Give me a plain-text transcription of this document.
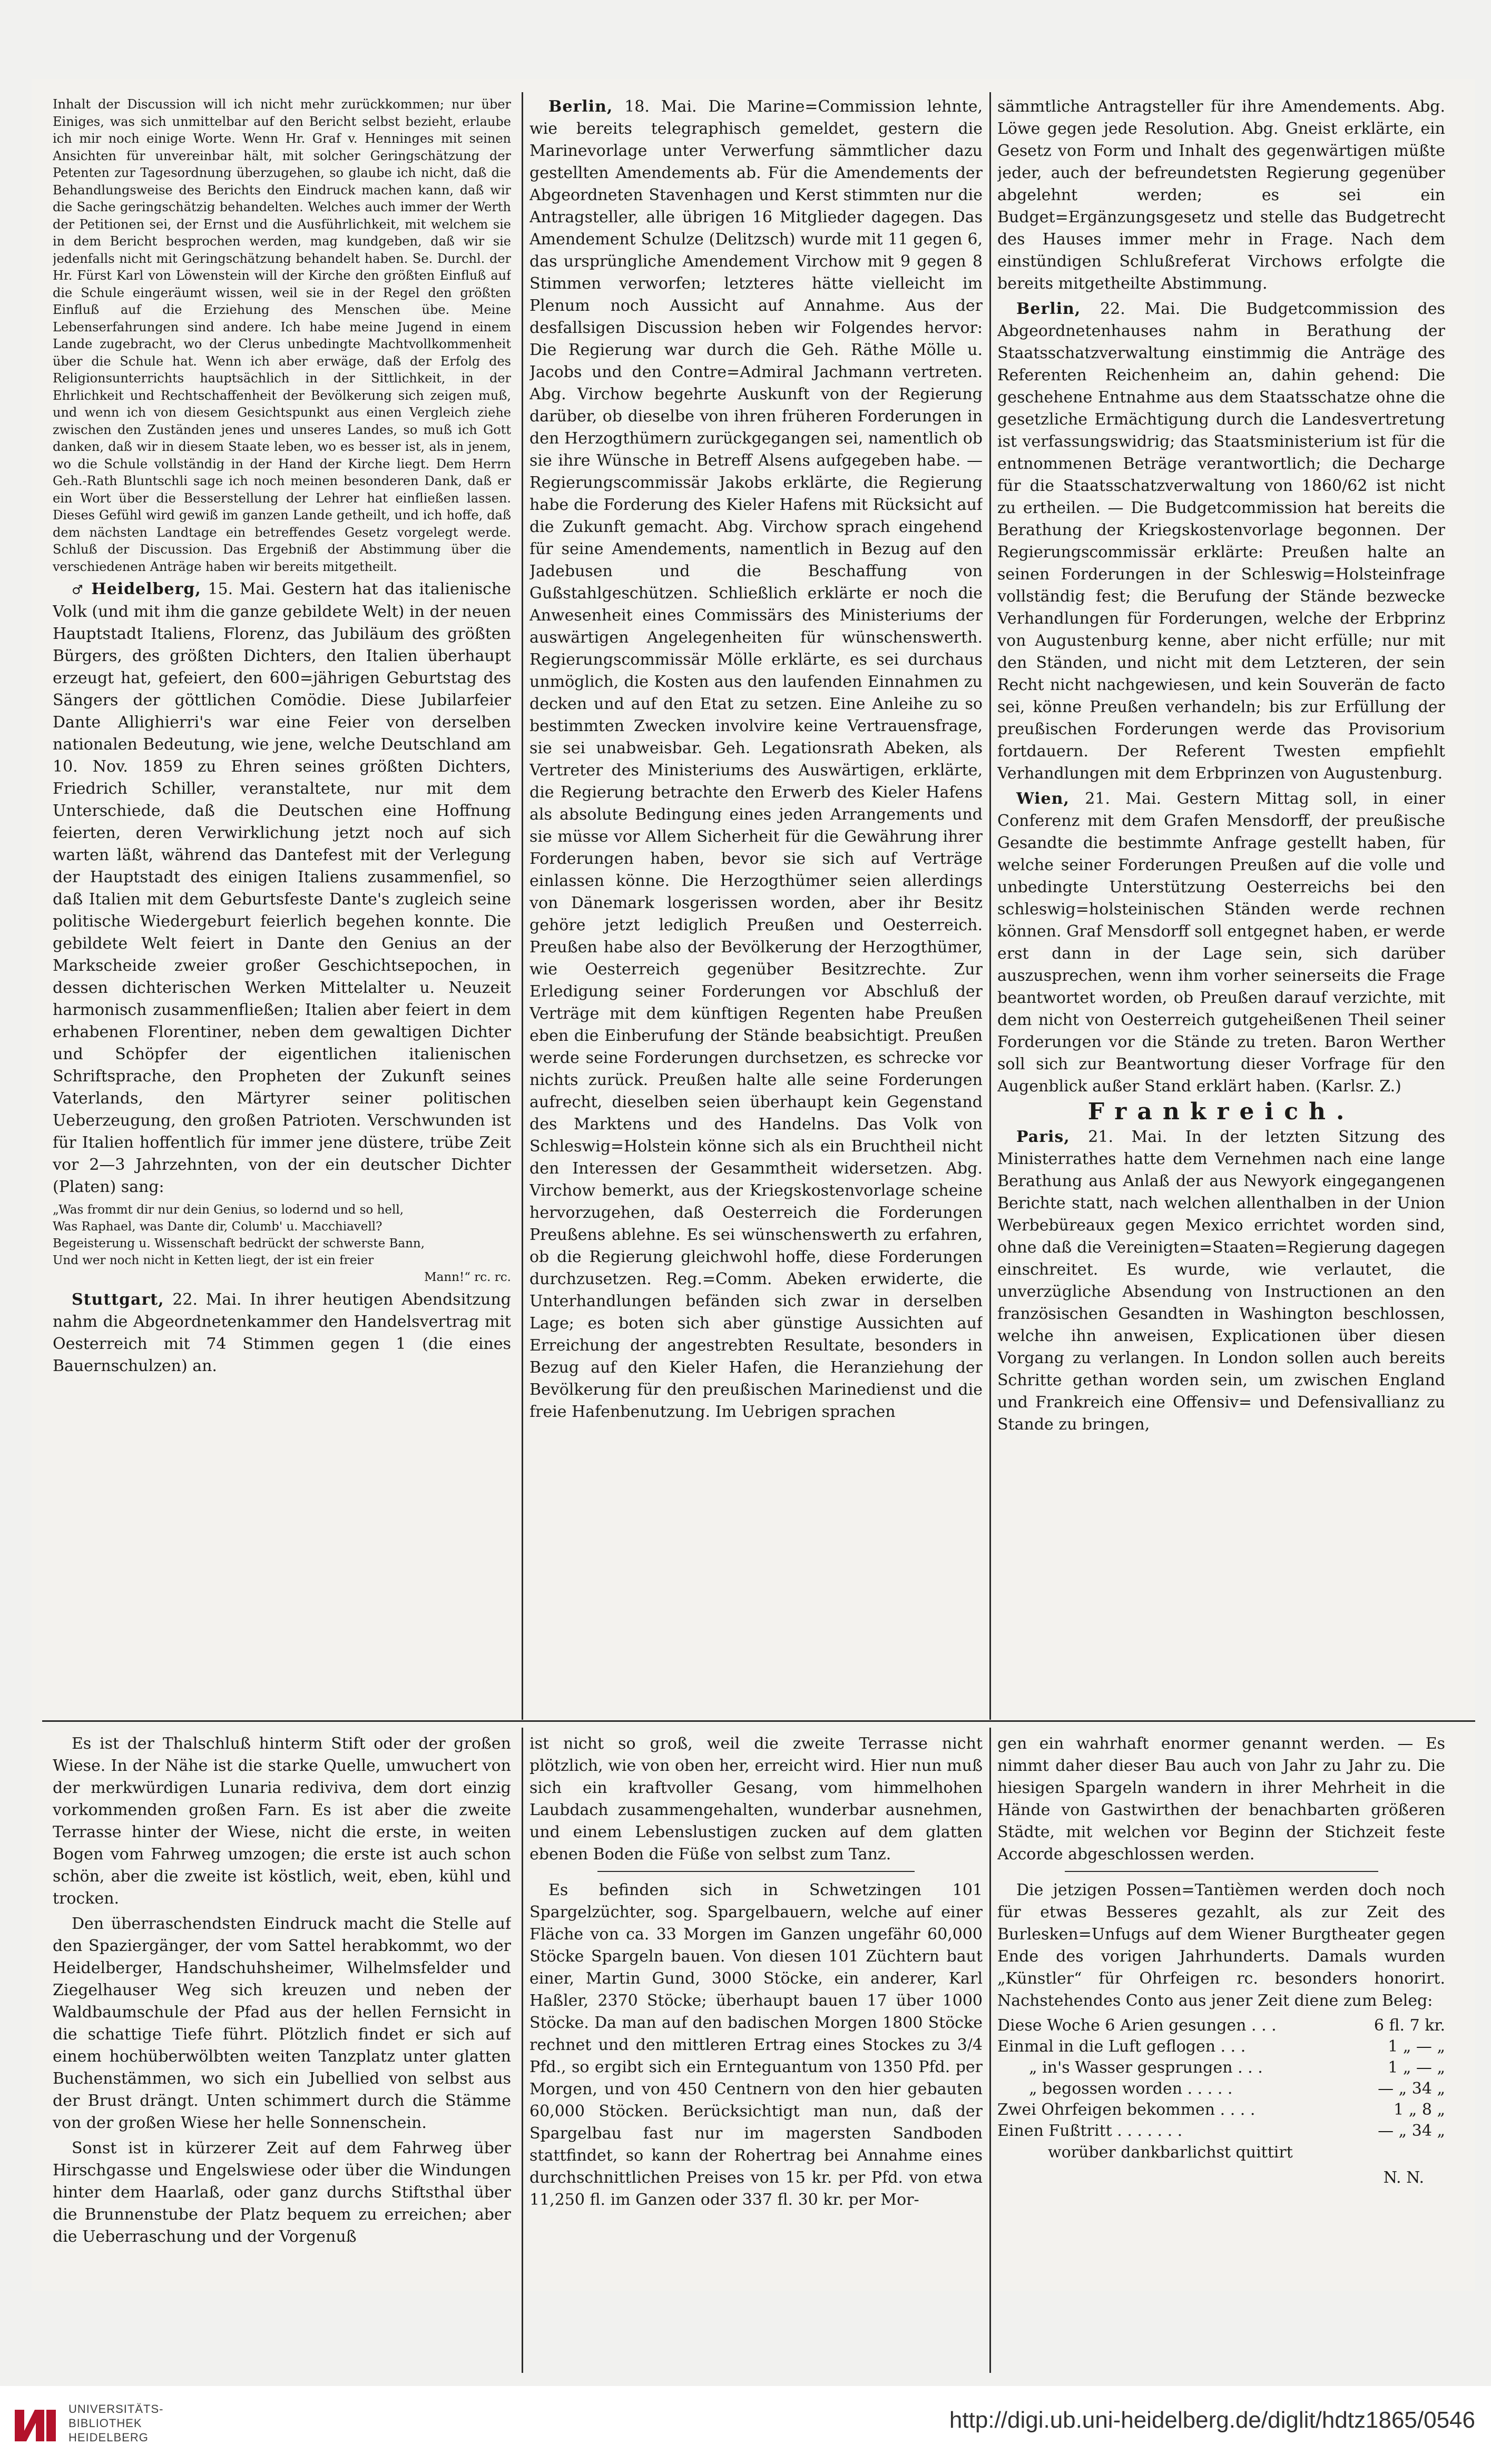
Inhalt der Discussion will ich nicht mehr zurückkommen; nur über Einiges, was sich unmittelbar auf den Bericht selbst bezieht, erlaube ich mir noch einige Worte. Wenn Hr. Graf v. Henninges mit seinen Ansichten für unvereinbar hält, mit solcher Geringschätzung der Petenten zur Tagesordnung überzugehen, so glaube ich nicht, daß die Behandlungsweise des Berichts den Eindruck machen kann, daß wir die Sache geringschätzig behandelten. Welches auch immer der Werth der Petitionen sei, der Ernst und die Ausführlichkeit, mit welchem sie in dem Bericht besprochen werden, mag kundgeben, daß wir sie jedenfalls nicht mit Geringschätzung behandelt haben. Se. Durchl. der Hr. Fürst Karl von Löwenstein will der Kirche den größten Einfluß auf die Schule eingeräumt wissen, weil sie in der Regel den größten Einfluß auf die Erziehung des Menschen übe. Meine Lebenserfahrungen sind andere. Ich habe meine Jugend in einem Lande zugebracht, wo der Clerus unbedingte Machtvollkommenheit über die Schule hat. Wenn ich aber erwäge, daß der Erfolg des Religionsunterrichts hauptsächlich in der Sittlichkeit, in der Ehrlichkeit und Rechtschaffenheit der Bevölkerung sich zeigen muß, und wenn ich von diesem Gesichtspunkt aus einen Vergleich ziehe zwischen den Zuständen jenes und unseres Landes, so muß ich Gott danken, daß wir in diesem Staate leben, wo es besser ist, als in jenem, wo die Schule vollständig in der Hand der Kirche liegt. Dem Herrn Geh.-Rath Bluntschli sage ich noch meinen besonderen Dank, daß er ein Wort über die Besserstellung der Lehrer hat einfließen lassen. Dieses Gefühl wird gewiß im ganzen Lande getheilt, und ich hoffe, daß dem nächsten Landtage ein betreffendes Gesetz vorgelegt werde. Schluß der Discussion. Das Ergebniß der Abstimmung über die verschiedenen Anträge haben wir bereits mitgetheilt.

♂ Heidelberg, 15. Mai. Gestern hat das italienische Volk (und mit ihm die ganze gebildete Welt) in der neuen Hauptstadt Italiens, Florenz, das Jubiläum des größten Bürgers, des größten Dichters, den Italien überhaupt erzeugt hat, gefeiert, den 600=jährigen Geburtstag des Sängers der göttlichen Comödie. Diese Jubilarfeier Dante Allighierri's war eine Feier von derselben nationalen Bedeutung, wie jene, welche Deutschland am 10. Nov. 1859 zu Ehren seines größten Dichters, Friedrich Schiller, veranstaltete, nur mit dem Unterschiede, daß die Deutschen eine Hoffnung feierten, deren Verwirklichung jetzt noch auf sich warten läßt, während das Dantefest mit der Verlegung der Hauptstadt des einigen Italiens zusammenfiel, so daß Italien mit dem Geburtsfeste Dante's zugleich seine politische Wiedergeburt feierlich begehen konnte. Die gebildete Welt feiert in Dante den Genius an der Markscheide zweier großer Geschichtsepochen, in dessen dichterischen Werken Mittelalter u. Neuzeit harmonisch zusammenfließen; Italien aber feiert in dem erhabenen Florentiner, neben dem gewaltigen Dichter und Schöpfer der eigentlichen italienischen Schriftsprache, den Propheten der Zukunft seines Vaterlands, den Märtyrer seiner politischen Ueberzeugung, den großen Patrioten. Verschwunden ist für Italien hoffentlich für immer jene düstere, trübe Zeit vor 2—3 Jahrzehnten, von der ein deutscher Dichter (Platen) sang:

„Was frommt dir nur dein Genius, so lodernd und so hell,

Was Raphael, was Dante dir, Columb' u. Macchiavell?

Begeisterung u. Wissenschaft bedrückt der schwerste Bann,

Und wer noch nicht in Ketten liegt, der ist ein freier

Mann!“ rc. rc.

Stuttgart, 22. Mai. In ihrer heutigen Abendsitzung nahm die Abgeordnetenkammer den Handelsvertrag mit Oesterreich mit 74 Stimmen gegen 1 (die eines Bauernschulzen) an.

Berlin, 18. Mai. Die Marine=Commission lehnte, wie bereits telegraphisch gemeldet, gestern die Marinevorlage unter Verwerfung sämmtlicher dazu gestellten Amendements ab. Für die Amendements der Abgeordneten Stavenhagen und Kerst stimmten nur die Antragsteller, alle übrigen 16 Mitglieder dagegen. Das Amendement Schulze (Delitzsch) wurde mit 11 gegen 6, das ursprüngliche Amendement Virchow mit 9 gegen 8 Stimmen verworfen; letzteres hätte vielleicht im Plenum noch Aussicht auf Annahme. Aus der desfallsigen Discussion heben wir Folgendes hervor: Die Regierung war durch die Geh. Räthe Mölle u. Jacobs und den Contre=Admiral Jachmann vertreten. Abg. Virchow begehrte Auskunft von der Regierung darüber, ob dieselbe von ihren früheren Forderungen in den Herzogthümern zurückgegangen sei, namentlich ob sie ihre Wünsche in Betreff Alsens aufgegeben habe. — Regierungscommissär Jakobs erklärte, die Regierung habe die Forderung des Kieler Hafens mit Rücksicht auf die Zukunft gemacht. Abg. Virchow sprach eingehend für seine Amendements, namentlich in Bezug auf den Jadebusen und die Beschaffung von Gußstahlgeschützen. Schließlich erklärte er noch die Anwesenheit eines Commissärs des Ministeriums der auswärtigen Angelegenheiten für wünschenswerth. Regierungscommissär Mölle erklärte, es sei durchaus unmöglich, die Kosten aus den laufenden Einnahmen zu decken und auf den Etat zu setzen. Eine Anleihe zu so bestimmten Zwecken involvire keine Vertrauensfrage, sie sei unabweisbar. Geh. Legationsrath Abeken, als Vertreter des Ministeriums des Auswärtigen, erklärte, die Regierung betrachte den Erwerb des Kieler Hafens als absolute Bedingung eines jeden Arrangements und sie müsse vor Allem Sicherheit für die Gewährung ihrer Forderungen haben, bevor sie sich auf Verträge einlassen könne. Die Herzogthümer seien allerdings von Dänemark losgerissen worden, aber ihr Besitz gehöre jetzt lediglich Preußen und Oesterreich. Preußen habe also der Bevölkerung der Herzogthümer, wie Oesterreich gegenüber Besitzrechte. Zur Erledigung seiner Forderungen vor Abschluß der Verträge mit dem künftigen Regenten habe Preußen eben die Einberufung der Stände beabsichtigt. Preußen werde seine Forderungen durchsetzen, es schrecke vor nichts zurück. Preußen halte alle seine Forderungen aufrecht, dieselben seien überhaupt kein Gegenstand des Marktens und des Handelns. Das Volk von Schleswig=Holstein könne sich als ein Bruchtheil nicht den Interessen der Gesammtheit widersetzen. Abg. Virchow bemerkt, aus der Kriegskostenvorlage scheine hervorzugehen, daß Oesterreich die Forderungen Preußens ablehne. Es sei wünschenswerth zu erfahren, ob die Regierung gleichwohl hoffe, diese Forderungen durchzusetzen. Reg.=Comm. Abeken erwiderte, die Unterhandlungen befänden sich zwar in derselben Lage; es boten sich aber günstige Aussichten auf Erreichung der angestrebten Resultate, besonders in Bezug auf den Kieler Hafen, die Heranziehung der Bevölkerung für den preußischen Marinedienst und die freie Hafenbenutzung. Im Uebrigen sprachen

sämmtliche Antragsteller für ihre Amendements. Abg. Löwe gegen jede Resolution. Abg. Gneist erklärte, ein Gesetz von Form und Inhalt des gegenwärtigen müßte jeder, auch der befreundetsten Regierung gegenüber abgelehnt werden; es sei ein Budget=Ergänzungsgesetz und stelle das Budgetrecht des Hauses immer mehr in Frage. Nach dem einstündigen Schlußreferat Virchows erfolgte die bereits mitgetheilte Abstimmung.

Berlin, 22. Mai. Die Budgetcommission des Abgeordnetenhauses nahm in Berathung der Staatsschatzverwaltung einstimmig die Anträge des Referenten Reichenheim an, dahin gehend: Die geschehene Entnahme aus dem Staatsschatze ohne die gesetzliche Ermächtigung durch die Landesvertretung ist verfassungswidrig; das Staatsministerium ist für die entnommenen Beträge verantwortlich; die Decharge für die Staatsschatzverwaltung von 1860/62 ist nicht zu ertheilen. — Die Budgetcommission hat bereits die Berathung der Kriegskostenvorlage begonnen. Der Regierungscommissär erklärte: Preußen halte an seinen Forderungen in der Schleswig=Holsteinfrage vollständig fest; die Berufung der Stände bezwecke Verhandlungen für Forderungen, welche der Erbprinz von Augustenburg kenne, aber nicht erfülle; nur mit den Ständen, und nicht mit dem Letzteren, der sein Recht nicht nachgewiesen, und kein Souverän de facto sei, könne Preußen verhandeln; bis zur Erfüllung der preußischen Forderungen werde das Provisorium fortdauern. Der Referent Twesten empfiehlt Verhandlungen mit dem Erbprinzen von Augustenburg.

Wien, 21. Mai. Gestern Mittag soll, in einer Conferenz mit dem Grafen Mensdorff, der preußische Gesandte die bestimmte Anfrage gestellt haben, für welche seiner Forderungen Preußen auf die volle und unbedingte Unterstützung Oesterreichs bei den schleswig=holsteinischen Ständen werde rechnen können. Graf Mensdorff soll entgegnet haben, er werde erst dann in der Lage sein, sich darüber auszusprechen, wenn ihm vorher seinerseits die Frage beantwortet worden, ob Preußen darauf verzichte, mit dem nicht von Oesterreich gutgeheißenen Theil seiner Forderungen vor die Stände zu treten. Baron Werther soll sich zur Beantwortung dieser Vorfrage für den Augenblick außer Stand erklärt haben. (Karlsr. Z.)

Frankreich.

Paris, 21. Mai. In der letzten Sitzung des Ministerrathes hatte dem Vernehmen nach eine lange Berathung aus Anlaß der aus Newyork eingegangenen Berichte statt, nach welchen allenthalben in der Union Werbebüreaux gegen Mexico errichtet worden sind, ohne daß die Vereinigten=Staaten=Regierung dagegen einschreitet. Es wurde, wie verlautet, die unverzügliche Absendung von Instructionen an den französischen Gesandten in Washington beschlossen, welche ihn anweisen, Explicationen über diesen Vorgang zu verlangen. In London sollen auch bereits Schritte gethan worden sein, um zwischen England und Frankreich eine Offensiv= und Defensivallianz zu Stande zu bringen,

Es ist der Thalschluß hinterm Stift oder der großen Wiese. In der Nähe ist die starke Quelle, umwuchert von der merkwürdigen Lunaria rediviva, dem dort einzig vorkommenden großen Farn. Es ist aber die zweite Terrasse hinter der Wiese, nicht die erste, in weiten Bogen vom Fahrweg umzogen; die erste ist auch schon schön, aber die zweite ist köstlich, weit, eben, kühl und trocken.

Den überraschendsten Eindruck macht die Stelle auf den Spaziergänger, der vom Sattel herabkommt, wo der Heidelberger, Handschuhsheimer, Wilhelmsfelder und Ziegelhauser Weg sich kreuzen und neben der Waldbaumschule der Pfad aus der hellen Fernsicht in die schattige Tiefe führt. Plötzlich findet er sich auf einem hochüberwölbten weiten Tanzplatz unter glatten Buchenstämmen, wo sich ein Jubellied von selbst aus der Brust drängt. Unten schimmert durch die Stämme von der großen Wiese her helle Sonnenschein.

Sonst ist in kürzerer Zeit auf dem Fahrweg über Hirschgasse und Engelswiese oder über die Windungen hinter dem Haarlaß, oder ganz durchs Stiftsthal über die Brunnenstube der Platz bequem zu erreichen; aber die Ueberraschung und der Vorgenuß

ist nicht so groß, weil die zweite Terrasse nicht plötzlich, wie von oben her, erreicht wird. Hier nun muß sich ein kraftvoller Gesang, vom himmelhohen Laubdach zusammengehalten, wunderbar ausnehmen, und einem Lebenslustigen zucken auf dem glatten ebenen Boden die Füße von selbst zum Tanz.

Es befinden sich in Schwetzingen 101 Spargelzüchter, sog. Spargelbauern, welche auf einer Fläche von ca. 33 Morgen im Ganzen ungefähr 60,000 Stöcke Spargeln bauen. Von diesen 101 Züchtern baut einer, Martin Gund, 3000 Stöcke, ein anderer, Karl Haßler, 2370 Stöcke; überhaupt bauen 17 über 1000 Stöcke. Da man auf den badischen Morgen 1800 Stöcke rechnet und den mittleren Ertrag eines Stockes zu 3/4 Pfd., so ergibt sich ein Ernteguantum von 1350 Pfd. per Morgen, und von 450 Centnern von den hier gebauten 60,000 Stöcken. Berücksichtigt man nun, daß der Spargelbau fast nur im magersten Sandboden stattfindet, so kann der Rohertrag bei Annahme eines durchschnittlichen Preises von 15 kr. per Pfd. von etwa 11,250 fl. im Ganzen oder 337 fl. 30 kr. per Mor-

gen ein wahrhaft enormer genannt werden. — Es nimmt daher dieser Bau auch von Jahr zu Jahr zu. Die hiesigen Spargeln wandern in ihrer Mehrheit in die Hände von Gastwirthen der benachbarten größeren Städte, mit welchen vor Beginn der Stichzeit feste Accorde abgeschlossen werden.

Die jetzigen Possen=Tantièmen werden doch noch für etwas Besseres gezahlt, als zur Zeit des Burlesken=Unfugs auf dem Wiener Burgtheater gegen Ende des vorigen Jahrhunderts. Damals wurden „Künstler“ für Ohrfeigen rc. besonders honorirt. Nachstehendes Conto aus jener Zeit diene zum Beleg:

Diese Woche 6 Arien gesungen . . .	6 fl. 7 kr.
Einmal in die Luft geflogen . . .	1 „ — „
„ in's Wasser gesprungen . . .	1 „ — „
„ begossen worden . . . . .	— „ 34 „
Zwei Ohrfeigen bekommen . . . .	1 „ 8 „
Einen Fußtritt . . . . . . .	— „ 34 „

worüber dankbarlichst quittirt

N. N.

UNIVERSITÄTS-
BIBLIOTHEK
HEIDELBERG
http://digi.ub.uni-heidelberg.de/diglit/hdtz1865/0546
